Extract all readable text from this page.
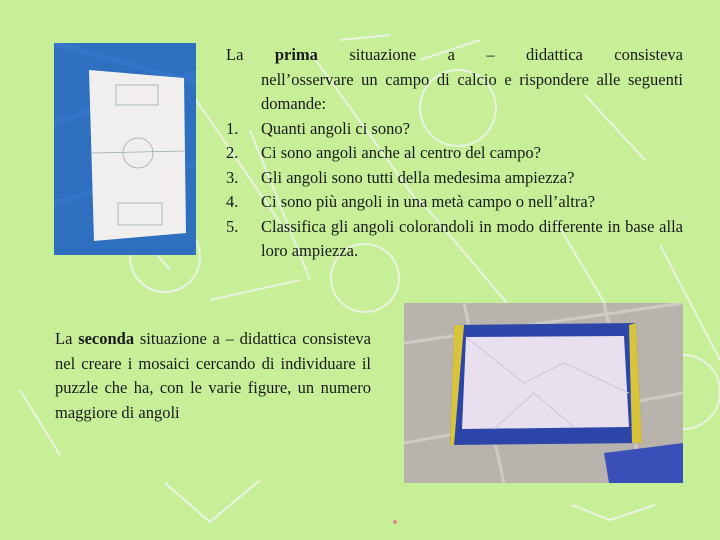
La prima situazione a – didattica consisteva
nell’osservare un campo di calcio e rispondere alle seguenti domande:
1.	Quanti angoli ci sono?
2.	Ci sono angoli anche al centro del campo?
3.	Gli angoli sono tutti della medesima ampiezza?
4.	Ci sono più angoli in una metà campo o nell’altra?
5.	Classifica gli angoli colorandoli in modo differente in base alla loro ampiezza.
La seconda situazione a – didattica consisteva nel creare i mosaici cercando di individuare il puzzle che ha, con le varie figure, un numero maggiore di angoli
